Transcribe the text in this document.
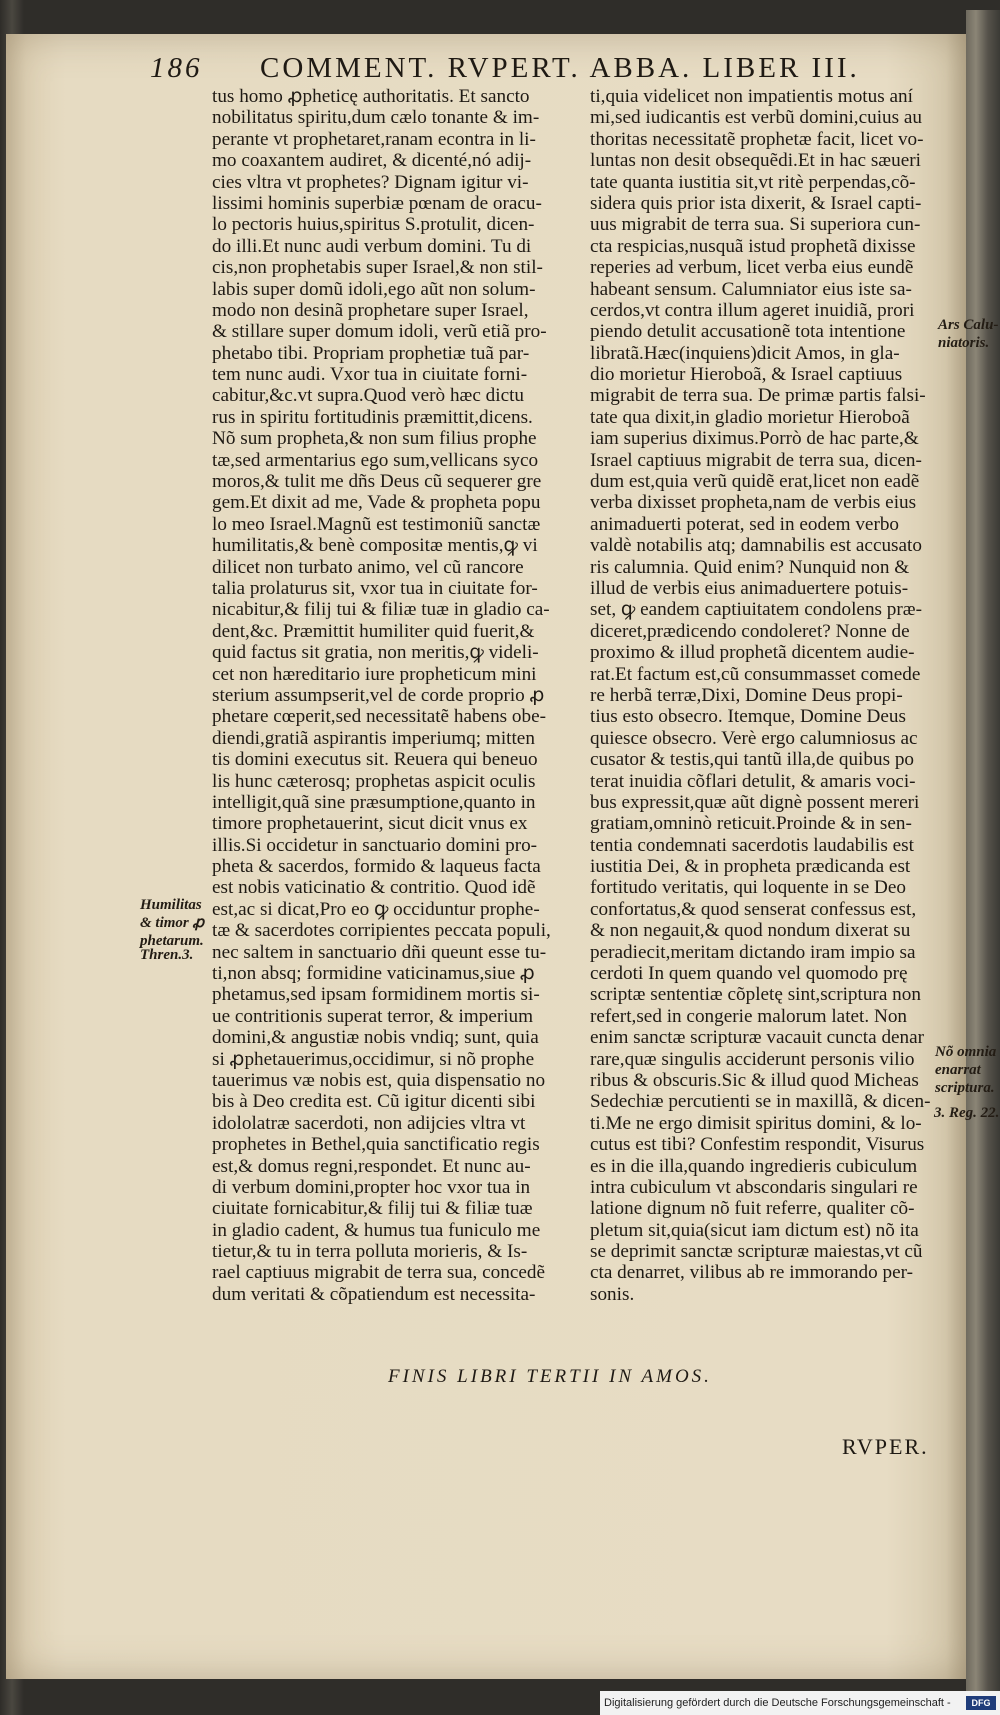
186 COMMENT. RVPERT. ABBA. LIBER III.
tus homo ꝓpheticę authoritatis. Et sancto
nobilitatus spiritu,dum cælo tonante & im-
perante vt prophetaret,ranam econtra in li-
mo coaxantem audiret, & dicenté,nó adij-
cies vltra vt prophetes? Dignam igitur vi-
lissimi hominis superbiæ pœnam de oracu-
lo pectoris huius,spiritus S.protulit, dicen-
do illi.Et nunc audi verbum domini. Tu di
cis,non prophetabis super Israel,& non stil-
labis super domũ idoli,ego aũt non solum-
modo non desinã prophetare super Israel,
& stillare super domum idoli, verũ etiã pro-
phetabo tibi. Propriam prophetiæ tuã par-
tem nunc audi. Vxor tua in ciuitate forni-
cabitur,&c.vt supra.Quod verò hæc dictu
rus in spiritu fortitudinis præmittit,dicens.
Nõ sum propheta,& non sum filius prophe
tæ,sed armentarius ego sum,vellicans syco
moros,& tulit me dñs Deus cũ sequerer gre
gem.Et dixit ad me, Vade & propheta popu
lo meo Israel.Magnũ est testimoniũ sanctæ
humilitatis,& benè compositæ mentis,ꝙ vi
dilicet non turbato animo, vel cũ rancore
talia prolaturus sit, vxor tua in ciuitate for-
nicabitur,& filij tui & filiæ tuæ in gladio ca-
dent,&c. Præmittit humiliter quid fuerit,&
quid factus sit gratia, non meritis,ꝙ videli-
cet non hæreditario iure propheticum mini
sterium assumpserit,vel de corde proprio ꝓ
phetare cœperit,sed necessitatẽ habens obe-
diendi,gratiã aspirantis imperiumq; mitten
tis domini executus sit. Reuera qui beneuo
lis hunc cæterosq; prophetas aspicit oculis
intelligit,quã sine præsumptione,quanto in
timore prophetauerint, sicut dicit vnus ex
illis.Si occidetur in sanctuario domini pro-
pheta & sacerdos, formido & laqueus facta
est nobis vaticinatio & contritio. Quod idẽ
est,ac si dicat,Pro eo ꝙ occiduntur prophe-
tæ & sacerdotes corripientes peccata populi,
nec saltem in sanctuario dñi queunt esse tu-
ti,non absq; formidine vaticinamus,siue ꝓ
phetamus,sed ipsam formidinem mortis si-
ue contritionis superat terror, & imperium
domini,& angustiæ nobis vndiq; sunt, quia
si ꝓphetauerimus,occidimur, si nõ prophe
tauerimus væ nobis est, quia dispensatio no
bis à Deo credita est. Cũ igitur dicenti sibi
idololatræ sacerdoti, non adijcies vltra vt
prophetes in Bethel,quia sanctificatio regis
est,& domus regni,respondet. Et nunc au-
di verbum domini,propter hoc vxor tua in
ciuitate fornicabitur,& filij tui & filiæ tuæ
in gladio cadent, & humus tua funiculo me
tietur,& tu in terra polluta morieris, & Is-
rael captiuus migrabit de terra sua, concedẽ
dum veritati & cõpatiendum est necessita-
ti,quia videlicet non impatientis motus aní
mi,sed iudicantis est verbũ domini,cuius au
thoritas necessitatẽ prophetæ facit, licet vo-
luntas non desit obsequẽdi.Et in hac sæueri
tate quanta iustitia sit,vt ritè perpendas,cõ-
sidera quis prior ista dixerit, & Israel capti-
uus migrabit de terra sua. Si superiora cun-
cta respicias,nusquã istud prophetã dixisse
reperies ad verbum, licet verba eius eundẽ
habeant sensum. Calumniator eius iste sa-
cerdos,vt contra illum ageret inuidiã, prori
piendo detulit accusationẽ tota intentione
libratã.Hæc(inquiens)dicit Amos, in gla-
dio morietur Hieroboã, & Israel captiuus
migrabit de terra sua. De primæ partis falsi-
tate qua dixit,in gladio morietur Hieroboã
iam superius diximus.Porrò de hac parte,&
Israel captiuus migrabit de terra sua, dicen-
dum est,quia verũ quidẽ erat,licet non eadẽ
verba dixisset propheta,nam de verbis eius
animaduerti poterat, sed in eodem verbo
valdè notabilis atq; damnabilis est accusato
ris calumnia. Quid enim? Nunquid non &
illud de verbis eius animaduertere potuis-
set, ꝙ eandem captiuitatem condolens præ-
diceret,prædicendo condoleret? Nonne de
proximo & illud prophetã dicentem audie-
rat.Et factum est,cũ consummasset comede
re herbã terræ,Dixi, Domine Deus propi-
tius esto obsecro. Itemque, Domine Deus
quiesce obsecro. Verè ergo calumniosus ac
cusator & testis,qui tantũ illa,de quibus po
terat inuidia cõflari detulit, & amaris voci-
bus expressit,quæ aũt dignè possent mereri
gratiam,omninò reticuit.Proinde & in sen-
tentia condemnati sacerdotis laudabilis est
iustitia Dei, & in propheta prædicanda est
fortitudo veritatis, qui loquente in se Deo
confortatus,& quod senserat confessus est,
& non negauit,& quod nondum dixerat su
peradiecit,meritam dictando iram impio sa
cerdoti In quem quando vel quomodo prę
scriptæ sententiæ cõpletę sint,scriptura non
refert,sed in congerie malorum latet. Non
enim sanctæ scripturæ vacauit cuncta denar
rare,quæ singulis acciderunt personis vilio
ribus & obscuris.Sic & illud quod Micheas
Sedechiæ percutienti se in maxillã, & dicen-
ti.Me ne ergo dimisit spiritus domini, & lo-
cutus est tibi? Confestim respondit, Visurus
es in die illa,quando ingredieris cubiculum
intra cubiculum vt abscondaris singulari re
latione dignum nõ fuit referre, qualiter cõ-
pletum sit,quia(sicut iam dictum est) nõ ita
se deprimit sanctæ scripturæ maiestas,vt cũ
cta denarret, vilibus ab re immorando per-
sonis.
Humilitas
& timor ꝓ
phetarum.
Thren.3.
Ars Calu-
niatoris.
Nõ omnia
enarrat
scriptura.
3. Reg. 22.
FINIS LIBRI TERTII IN AMOS.
RVPER.
Digitalisierung gefördert durch die Deutsche Forschungsgemeinschaft -	DFG
